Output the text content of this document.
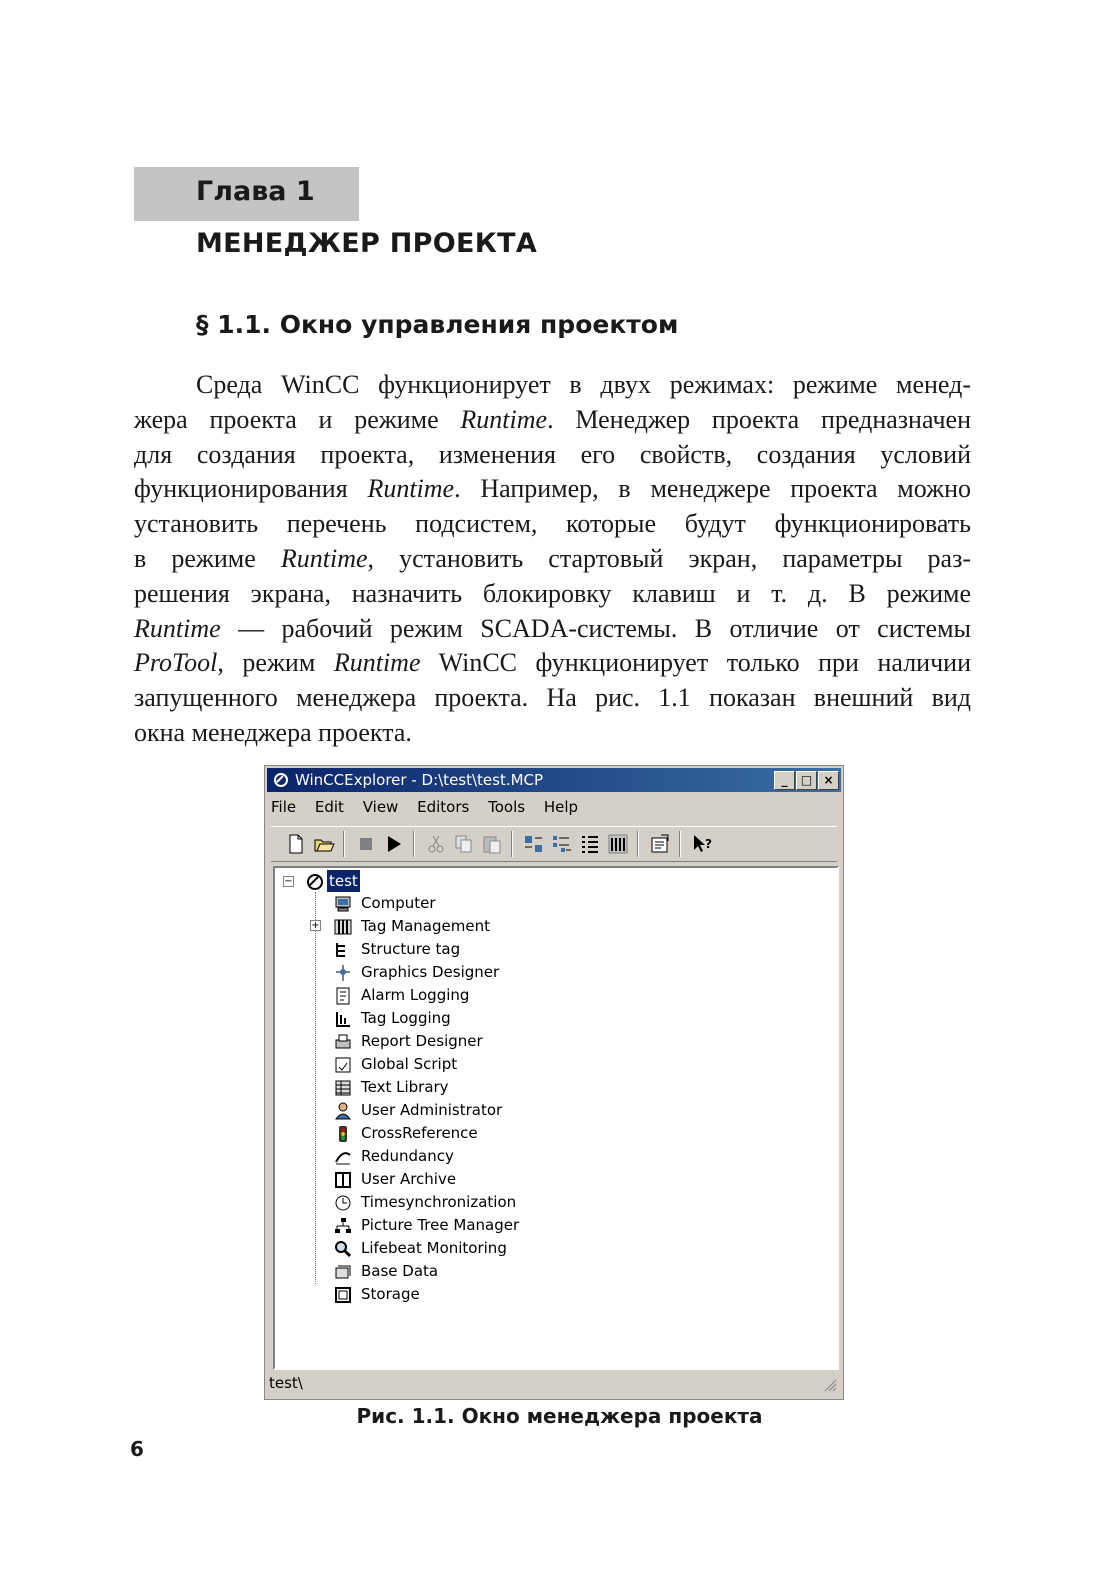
Глава 1
МЕНЕДЖЕР ПРОЕКТА
§ 1.1. Окно управления проектом
Среда WinCC функционирует в двух режимах: режиме менед-
жера проекта и режиме Runtime. Менеджер проекта предназначен
для создания проекта, изменения его свойств, создания условий
функционирования Runtime. Например, в менеджере проекта можно
установить перечень подсистем, которые будут функционировать
в режиме Runtime, установить стартовый экран, параметры раз-
решения экрана, назначить блокировку клавиш и т. д. В режиме
Runtime — рабочий режим SCADA-системы. В отличие от системы
ProTool, режим Runtime WinCC функционирует только при наличии
запущенного менеджера проекта. На рис. 1.1 показан внешний вид
окна менеджера проекта.
WinCCExplorer - D:\test\test.MCP	_	□ ×
File Edit View Editors Tools Help
?
− test
+
Computer
Tag Management
Structure tag
Graphics Designer
Alarm Logging
Tag Logging
Report Designer
Global Script
Text Library
User Administrator
CrossReference
Redundancy
User Archive
Timesynchronization
Picture Tree Manager
Lifebeat Monitoring
Base Data
Storage
test\
Рис. 1.1. Окно менеджера проекта
6
